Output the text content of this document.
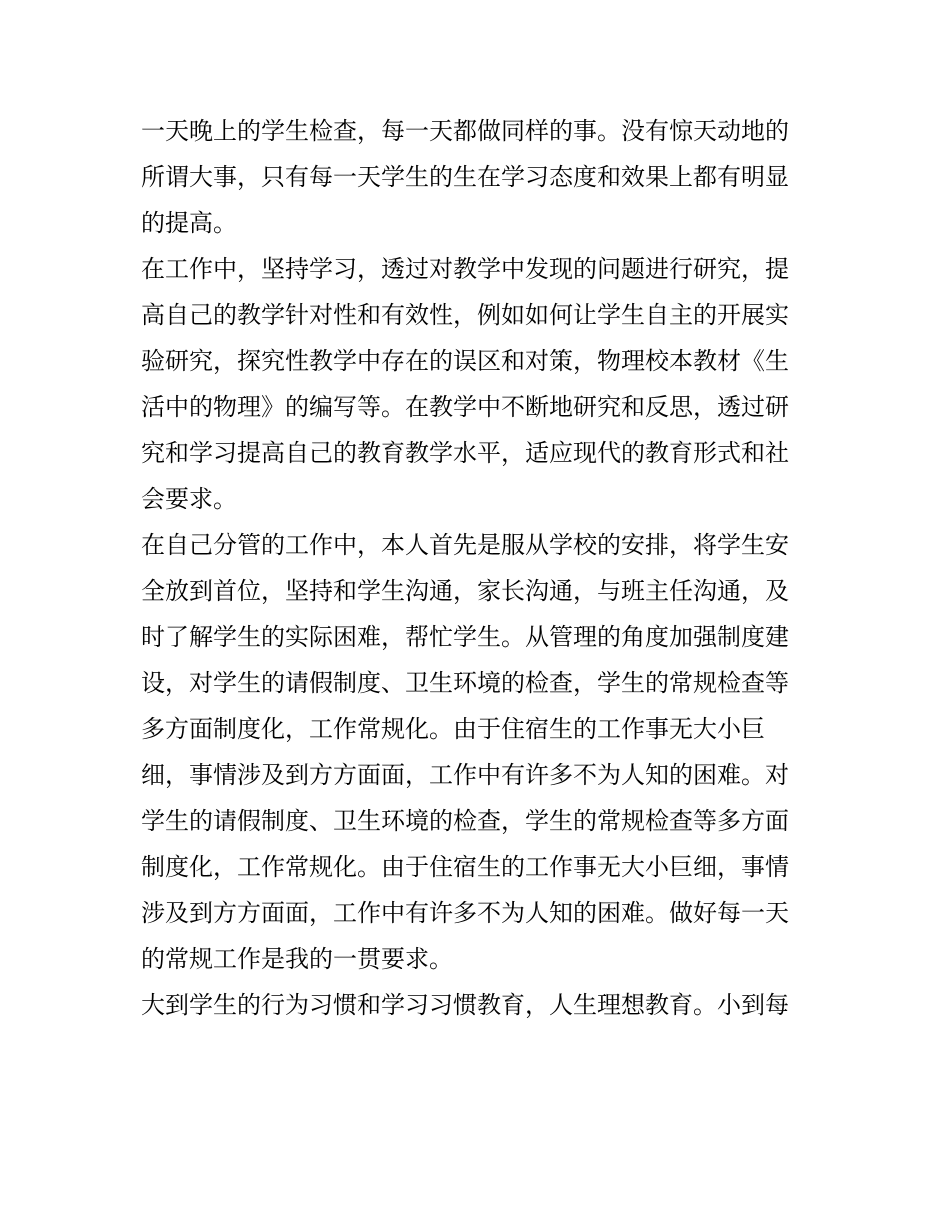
一天晚上的学生检查，每一天都做同样的事。没有惊天动地的
所谓大事，只有每一天学生的生在学习态度和效果上都有明显
的提高。
在工作中，坚持学习，透过对教学中发现的问题进行研究，提
高自己的教学针对性和有效性，例如如何让学生自主的开展实
验研究，探究性教学中存在的误区和对策，物理校本教材《生
活中的物理》的编写等。在教学中不断地研究和反思，透过研
究和学习提高自己的教育教学水平，适应现代的教育形式和社
会要求。
在自己分管的工作中，本人首先是服从学校的安排，将学生安
全放到首位，坚持和学生沟通，家长沟通，与班主任沟通，及
时了解学生的实际困难，帮忙学生。从管理的角度加强制度建
设，对学生的请假制度、卫生环境的检查，学生的常规检查等
多方面制度化，工作常规化。由于住宿生的工作事无大小巨
细，事情涉及到方方面面，工作中有许多不为人知的困难。对
学生的请假制度、卫生环境的检查，学生的常规检查等多方面
制度化，工作常规化。由于住宿生的工作事无大小巨细，事情
涉及到方方面面，工作中有许多不为人知的困难。做好每一天
的常规工作是我的一贯要求。
大到学生的行为习惯和学习习惯教育，人生理想教育。小到每
